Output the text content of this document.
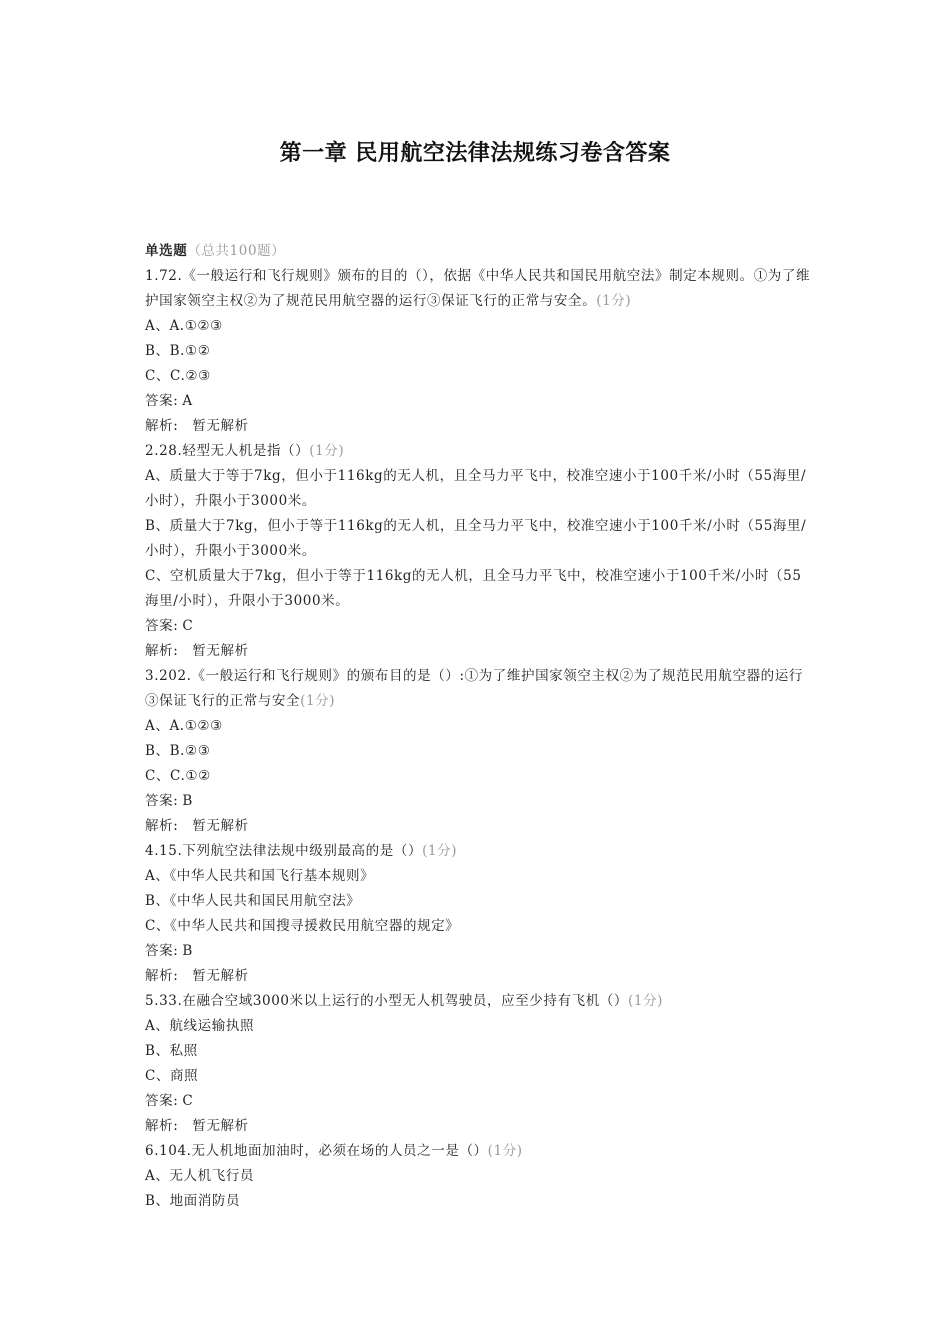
第一章 民用航空法律法规练习卷含答案
单选题（总共100题）
1.72.《一般运行和飞行规则》颁布的目的（），依据《中华人民共和国民用航空法》制定本规则。①为了维护国家领空主权②为了规范民用航空器的运行③保证飞行的正常与安全。(1分)
A、A.①②③
B、B.①②
C、C.②③
答案: A
解析: 暂无解析
2.28.轻型无人机是指（）(1分)
A、质量大于等于7kg，但小于116kg的无人机，且全马力平飞中，校准空速小于100千米/小时（55海里/小时），升限小于3000米。
B、质量大于7kg，但小于等于116kg的无人机，且全马力平飞中，校准空速小于100千米/小时（55海里/小时），升限小于3000米。
C、空机质量大于7kg，但小于等于116kg的无人机，且全马力平飞中，校准空速小于100千米/小时（55海里/小时），升限小于3000米。
答案: C
解析: 暂无解析
3.202.《一般运行和飞行规则》的颁布目的是（）:①为了维护国家领空主权②为了规范民用航空器的运行③保证飞行的正常与安全(1分)
A、A.①②③
B、B.②③
C、C.①②
答案: B
解析: 暂无解析
4.15.下列航空法律法规中级别最高的是（）(1分)
A、《中华人民共和国飞行基本规则》
B、《中华人民共和国民用航空法》
C、《中华人民共和国搜寻援救民用航空器的规定》
答案: B
解析: 暂无解析
5.33.在融合空域3000米以上运行的小型无人机驾驶员，应至少持有飞机（）(1分)
A、航线运输执照
B、私照
C、商照
答案: C
解析: 暂无解析
6.104.无人机地面加油时，必须在场的人员之一是（）(1分)
A、无人机飞行员
B、地面消防员
